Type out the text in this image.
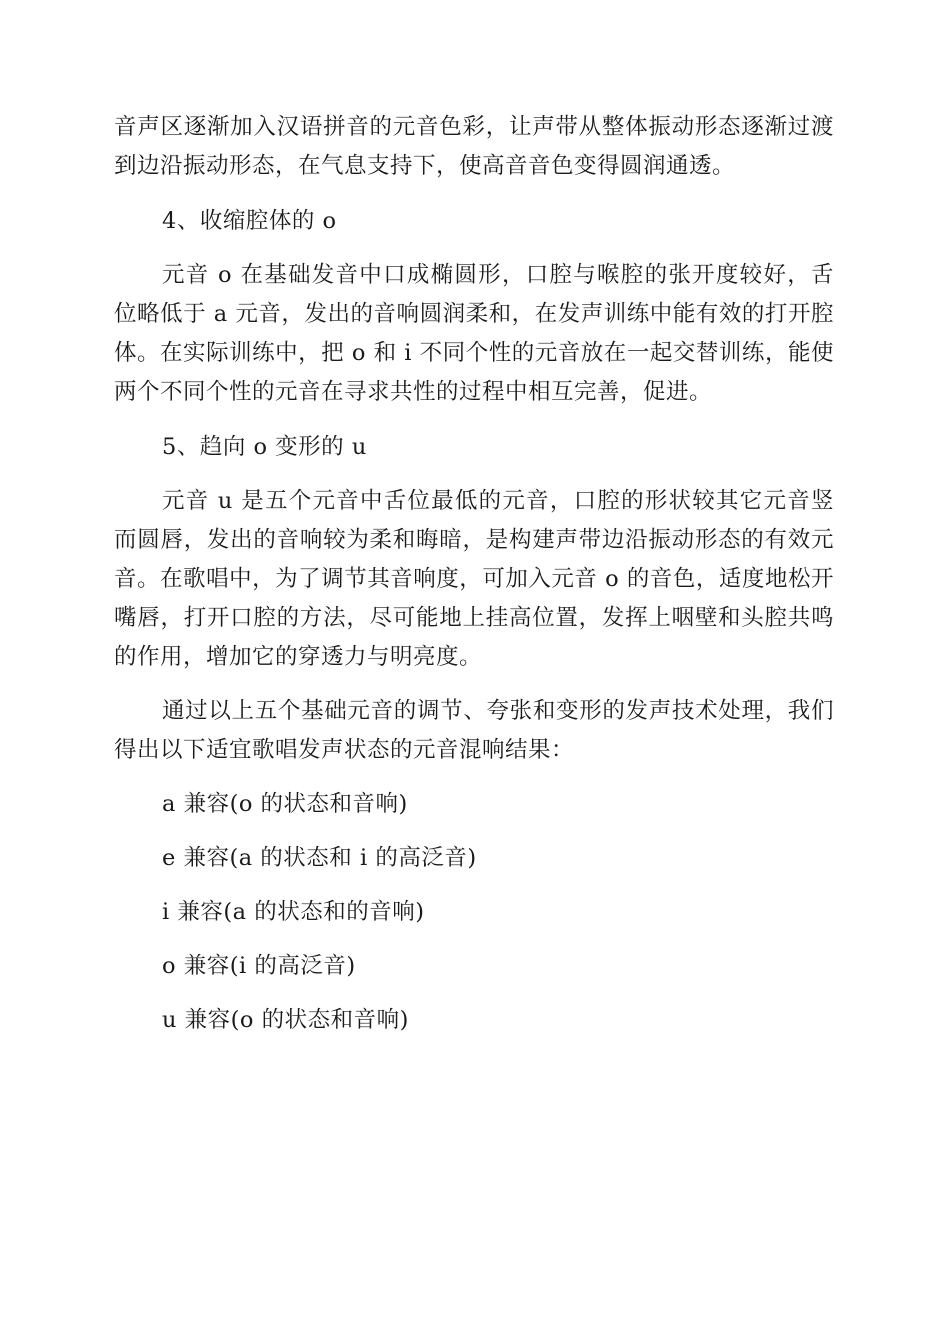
音声区逐渐加入汉语拼音的元音色彩，让声带从整体振动形态逐渐过渡到边沿振动形态，在气息支持下，使高音音色变得圆润通透。

4、收缩腔体的 o

元音 o 在基础发音中口成椭圆形，口腔与喉腔的张开度较好，舌位略低于 a 元音，发出的音响圆润柔和，在发声训练中能有效的打开腔体。在实际训练中，把 o 和 i 不同个性的元音放在一起交替训练，能使两个不同个性的元音在寻求共性的过程中相互完善，促进。

5、趋向 o 变形的 u

元音 u 是五个元音中舌位最低的元音，口腔的形状较其它元音竖而圆唇，发出的音响较为柔和晦暗，是构建声带边沿振动形态的有效元音。在歌唱中，为了调节其音响度，可加入元音 o 的音色，适度地松开嘴唇，打开口腔的方法，尽可能地上挂高位置，发挥上咽壁和头腔共鸣的作用，增加它的穿透力与明亮度。

通过以上五个基础元音的调节、夸张和变形的发声技术处理，我们得出以下适宜歌唱发声状态的元音混响结果：

a 兼容(o 的状态和音响)

e 兼容(a 的状态和 i 的高泛音)

i 兼容(a 的状态和的音响)

o 兼容(i 的高泛音)

u 兼容(o 的状态和音响)
